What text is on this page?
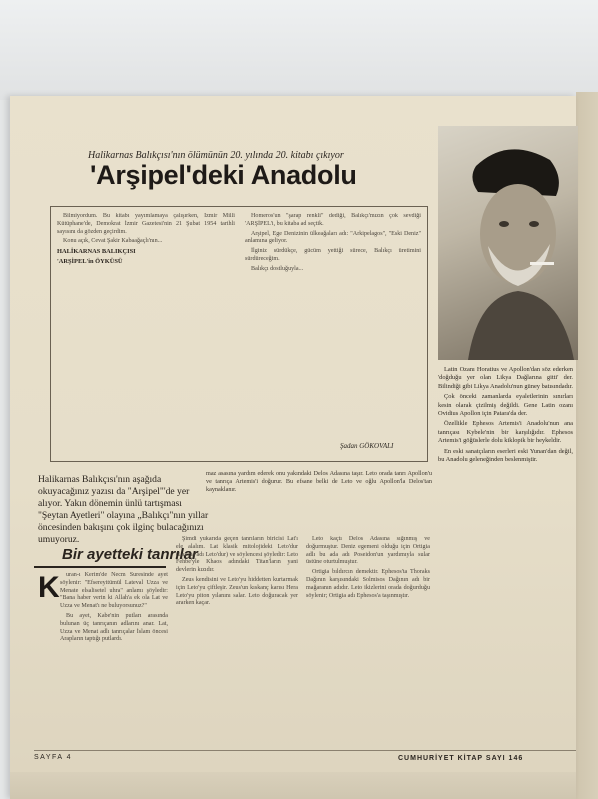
Halikarnas Balıkçısı'nın ölümünün 20. yılında 20. kitabı çıkıyor
'Arşipel'deki Anadolu

Bilmiyordum. Bu kitabı yayımlamaya çalışırken, İzmir Millî Kütüphane'de, Demokrat İzmir Gazetesi'nin 21 Şubat 1954 tarihli sayısını da gözden geçirdim.

Konu açık, Cevat Şakir Kabaağaçlı'nın...

HALİKARNAS BALIKÇISI

'ARŞİPEL'in ÖYKÜSÜ

Homeros'un "şarap renkli" dediği, Balıkçı'mızın çok sevdiği 'ARŞİPEL'i, bu kitaba ad seçtik.

Arşipel, Ege Denizinin ülkeağaları adı: "Arkipelagos", "Eski Deniz" anlamına geliyor.

İlginiz sürdükçe, gücüm yettiği sürece, Balıkçı üretimini sürdüreceğim.

Balıkçı dostluğuyla...

Şadan GÖKOVALI

Latin Ozanı Horatius ve Apollon'dan söz ederken 'doğduğu yer olan Likya Dağlarına gitti' der. Bilindiği gibi Likya Anadolu'nun güney batısındadır.

Çok önceki zamanlarda eyaletlerinin sınırları kesin olarak çizilmiş değildi. Gene Latin ozanı Ovidius Apollon için Patara'da der.

Özellikle Ephesos Artemis'i Anadolu'nun ana tanrıçası Kybele'nin bir karşılığıdır. Ephesos Artemis'i göğüslerle dolu kiklopik bir heykeldir.

En eski sanatçıların eserleri eski Yunan'dan değil, bu Anadolu geleneğinden beslenmiştir.

Halikarnas Balıkçısı'nın aşağıda okuyacağınız yazısı da "Arşipel"'de yer alıyor. Yakın dönemin ünlü tartışması "Şeytan Ayetleri" olayına „Balıkçı"nın yıllar öncesinden bakışını çok ilginç bulacağınızı umuyoruz.
maz asasına yardım ederek onu yakındaki Delos Adasına taşır. Leto orada tanrı Apollon'u ve tanrıça Artemis'i doğurur. Bu efsane belki de Leto ve oğlu Apollon'la Delos'tan kaynaklanır.
Bir ayetteki tanrılar
K	uran-ı Kerim'de Necm Suresinde ayet söylenir: "Efsereyitümül Lateval Uzza ve Menate elsalisetel uhra" anlamı şöyledir: "Bana haber verin ki Allah'a ek ola Lat ve Uzza ve Menat'ı ne buluyorsunuz?"

Bu ayet, Kabe'nin putları arasında bulunan üç tanrıçanın adlarını anar. Lat, Uzza ve Menat adlı tanrıçalar İslam öncesi Arapların taptığı putlardı.

Şimdi yukarıda geçen tanrıların biricisi Lat'ı ele alalım. Lat klasik mitolojideki Leto'dur (Latona adı Leto'dur) ve söylencesi şöyledir: Leto Fehbe'yle Khaos adındaki Titan'ların yani devlerin kızıdır.

Zeus kendisini ve Leto'yu hiddetten kurtarmak için Leto'yu çiftleşir. Zeus'un kıskanç karısı Hera Leto'yu piton yılanını salar. Leto doğuracak yer ararken kaçar.

Leto kaçtı Delos Adasına sığınmış ve doğurmuştur. Deniz egemeni olduğu için Ortigia adlı bu ada adı Poseidon'un yardımıyla sular üstüne oturtulmuştur.

Ortigia bıldırcın demektir. Ephesos'ta Thoraks Dağının karşısındaki Solmisos Dağının adı bir mağaranın adıdır. Leto ikizlerini orada doğurduğu söylenir; Ortigia adı Ephesos'a taşınmıştır.

SAYFA 4	CUMHURİYET KİTAP SAYI 146
